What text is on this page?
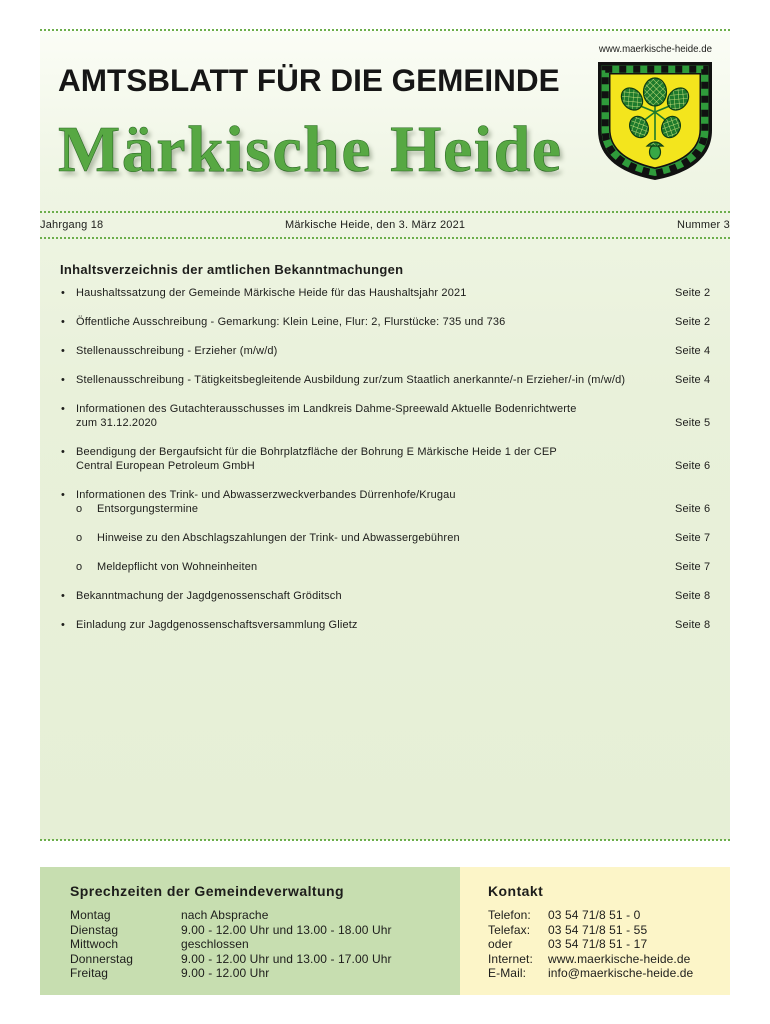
www.maerkische-heide.de
AMTSBLATT FÜR DIE GEMEINDE
Märkische Heide
Jahrgang 18	Märkische Heide, den 3. März 2021	Nummer 3
Inhaltsverzeichnis der amtlichen Bekanntmachungen
• Haushaltssatzung der Gemeinde Märkische Heide für das Haushaltsjahr 2021	Seite 2
• Öffentliche Ausschreibung - Gemarkung: Klein Leine, Flur: 2, Flurstücke: 735 und 736	Seite 2
• Stellenausschreibung - Erzieher (m/w/d)	Seite 4
• Stellenausschreibung - Tätigkeitsbegleitende Ausbildung zur/zum Staatlich anerkannte/-n Erzieher/-in (m/w/d)	Seite 4
• Informationen des Gutachterausschusses im Landkreis Dahme-Spreewald Aktuelle Bodenrichtwerte
zum 31.12.2020	Seite 5
• Beendigung der Bergaufsicht für die Bohrplatzfläche der Bohrung E Märkische Heide 1 der CEP
Central European Petroleum GmbH	Seite 6
• Informationen des Trink- und Abwasserzweckverbandes Dürrenhofe/Krugau
o Entsorgungstermine	Seite 6
o Hinweise zu den Abschlagszahlungen der Trink- und Abwassergebühren	Seite 7
o Meldepflicht von Wohneinheiten	Seite 7
• Bekanntmachung der Jagdgenossenschaft Gröditsch	Seite 8
• Einladung zur Jagdgenossenschaftsversammlung Glietz	Seite 8
Sprechzeiten der Gemeindeverwaltung
Montag	nach Absprache
Dienstag	9.00 - 12.00 Uhr und 13.00 - 18.00 Uhr
Mittwoch	geschlossen
Donnerstag	9.00 - 12.00 Uhr und 13.00 - 17.00 Uhr
Freitag	9.00 - 12.00 Uhr
Kontakt
Telefon: 03 54 71/8 51 - 0
Telefax: 03 54 71/8 51 - 55
oder	03 54 71/8 51 - 17
Internet: www.maerkische-heide.de
E-Mail: info@maerkische-heide.de
